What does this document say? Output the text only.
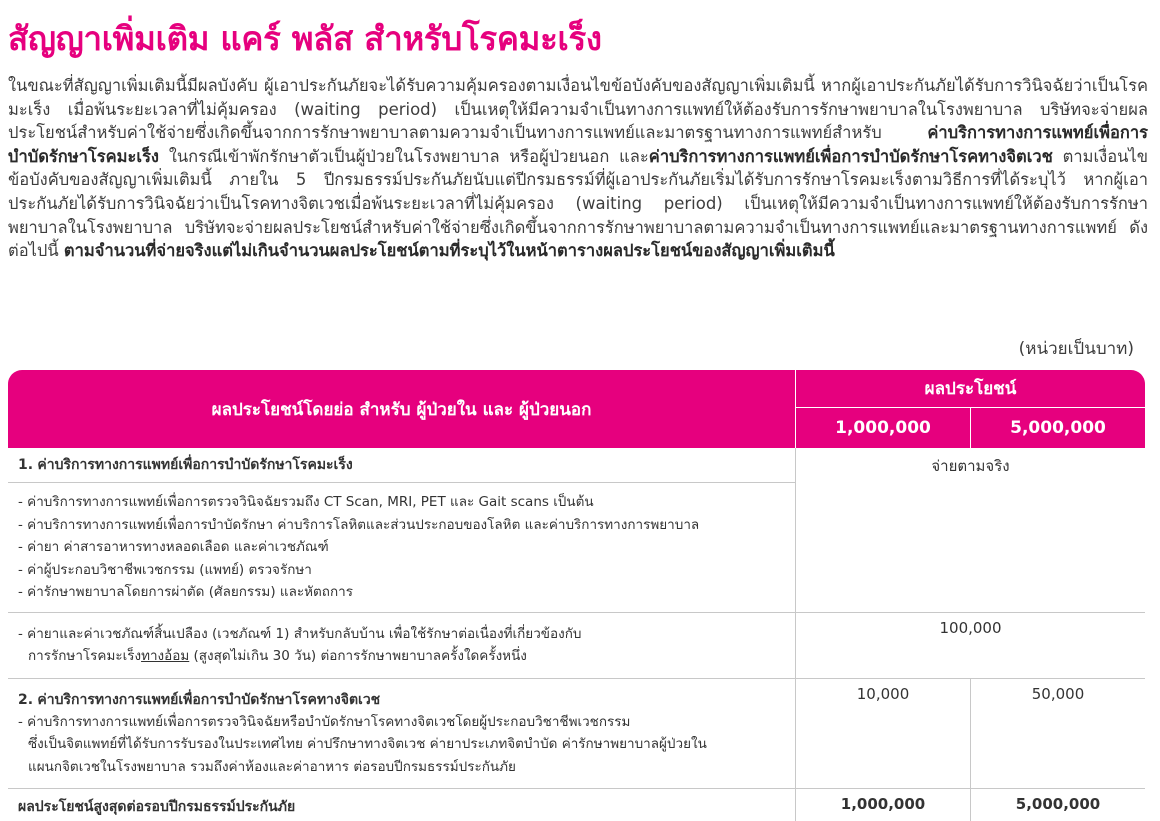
สัญญาเพิ่มเติม แคร์ พลัส สำหรับโรคมะเร็ง
ในขณะที่สัญญาเพิ่มเติมนี้มีผลบังคับ ผู้เอาประกันภัยจะได้รับความคุ้มครองตามเงื่อนไขข้อบังคับของสัญญาเพิ่มเติมนี้ หากผู้เอาประกันภัยได้รับการวินิจฉัยว่าเป็นโรคมะเร็ง เมื่อพ้นระยะเวลาที่ไม่คุ้มครอง (waiting period) เป็นเหตุให้มีความจำเป็นทางการแพทย์ให้ต้องรับการรักษาพยาบาลในโรงพยาบาล บริษัทจะจ่ายผลประโยชน์สำหรับค่าใช้จ่ายซึ่งเกิดขึ้นจากการรักษาพยาบาลตามความจำเป็นทางการแพทย์และมาตรฐานทางการแพทย์สำหรับ ค่าบริการทางการแพทย์เพื่อการบำบัดรักษาโรคมะเร็ง ในกรณีเข้าพักรักษาตัวเป็นผู้ป่วยในโรงพยาบาล หรือผู้ป่วยนอก และค่าบริการทางการแพทย์เพื่อการบำบัดรักษาโรคทางจิตเวช ตามเงื่อนไขข้อบังคับของสัญญาเพิ่มเติมนี้ ภายใน 5 ปีกรมธรรม์ประกันภัยนับแต่ปีกรมธรรม์ที่ผู้เอาประกันภัยเริ่มได้รับการรักษาโรคมะเร็งตามวิธีการที่ได้ระบุไว้ หากผู้เอาประกันภัยได้รับการวินิจฉัยว่าเป็นโรคทางจิตเวชเมื่อพ้นระยะเวลาที่ไม่คุ้มครอง (waiting period) เป็นเหตุให้มีความจำเป็นทางการแพทย์ให้ต้องรับการรักษาพยาบาลในโรงพยาบาล บริษัทจะจ่ายผลประโยชน์สำหรับค่าใช้จ่ายซึ่งเกิดขึ้นจากการรักษาพยาบาลตามความจำเป็นทางการแพทย์และมาตรฐานทางการแพทย์ ดังต่อไปนี้ ตามจำนวนที่จ่ายจริงแต่ไม่เกินจำนวนผลประโยชน์ตามที่ระบุไว้ในหน้าตารางผลประโยชน์ของสัญญาเพิ่มเติมนี้
(หน่วยเป็นบาท)
ผลประโยชน์โดยย่อ สำหรับ ผู้ป่วยใน และ ผู้ป่วยนอก	ผลประโยชน์	
	1,000,000	5,000,000
1. ค่าบริการทางการแพทย์เพื่อการบำบัดรักษาโรคมะเร็ง	จ่ายตามจริง	

- ค่าบริการทางการแพทย์เพื่อการตรวจวินิจฉัยรวมถึง CT Scan, MRI, PET และ Gait scans เป็นต้น
- ค่าบริการทางการแพทย์เพื่อการบำบัดรักษา ค่าบริการโลหิตและส่วนประกอบของโลหิต และค่าบริการทางการพยาบาล
- ค่ายา ค่าสารอาหารทางหลอดเลือด และค่าเวชภัณฑ์
- ค่าผู้ประกอบวิชาชีพเวชกรรม (แพทย์) ตรวจรักษา
- ค่ารักษาพยาบาลโดยการผ่าตัด (ศัลยกรรม) และหัตถการ		

- ค่ายาและค่าเวชภัณฑ์สิ้นเปลือง (เวชภัณฑ์ 1) สำหรับกลับบ้าน เพื่อใช้รักษาต่อเนื่องที่เกี่ยวข้องกับ
การรักษาโรคมะเร็งทางอ้อม (สูงสุดไม่เกิน 30 วัน) ต่อการรักษาพยาบาลครั้งใดครั้งหนึ่ง	100,000	

2. ค่าบริการทางการแพทย์เพื่อการบำบัดรักษาโรคทางจิตเวช
- ค่าบริการทางการแพทย์เพื่อการตรวจวินิจฉัยหรือบำบัดรักษาโรคทางจิตเวชโดยผู้ประกอบวิชาชีพเวชกรรม
ซึ่งเป็นจิตแพทย์ที่ได้รับการรับรองในประเทศไทย ค่าปรึกษาทางจิตเวช ค่ายาประเภทจิตบำบัด ค่ารักษาพยาบาลผู้ป่วยใน
แผนกจิตเวชในโรงพยาบาล รวมถึงค่าห้องและค่าอาหาร ต่อรอบปีกรมธรรม์ประกันภัย	10,000	50,000
ผลประโยชน์สูงสุดต่อรอบปีกรมธรรม์ประกันภัย	1,000,000	5,000,000
